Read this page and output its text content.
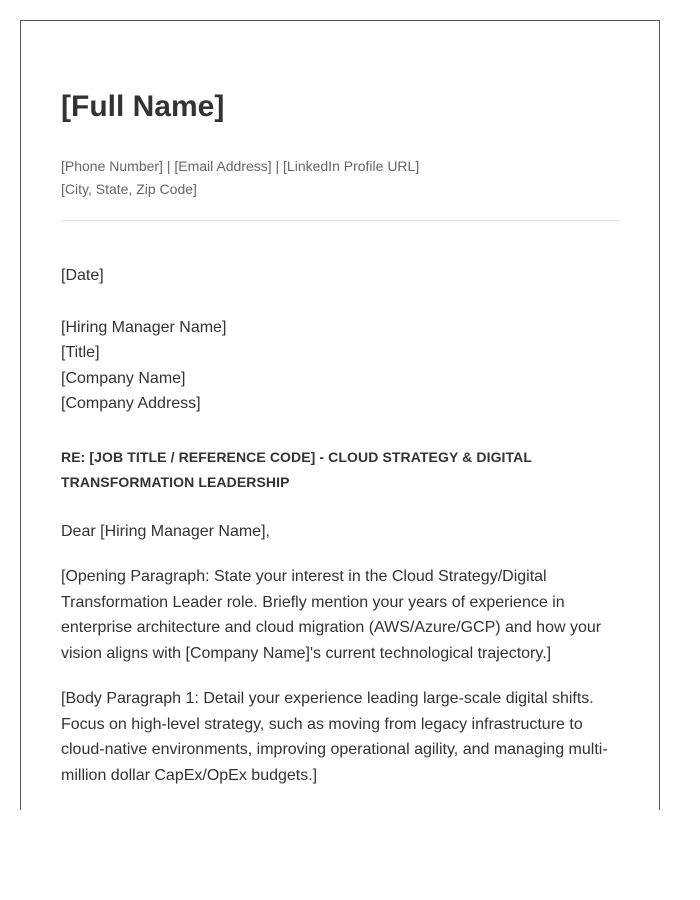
[Full Name]
[Phone Number] | [Email Address] | [LinkedIn Profile URL]
[City, State, Zip Code]

[Date]

[Hiring Manager Name]
[Title]
[Company Name]
[Company Address]

RE: [JOB TITLE / REFERENCE CODE] - CLOUD STRATEGY & DIGITAL TRANSFORMATION LEADERSHIP

Dear [Hiring Manager Name],

[Opening Paragraph: State your interest in the Cloud Strategy/Digital Transformation Leader role. Briefly mention your years of experience in enterprise architecture and cloud migration (AWS/Azure/GCP) and how your vision aligns with [Company Name]'s current technological trajectory.]

[Body Paragraph 1: Detail your experience leading large-scale digital shifts. Focus on high-level strategy, such as moving from legacy infrastructure to cloud-native environments, improving operational agility, and managing multi-million dollar CapEx/OpEx budgets.]
